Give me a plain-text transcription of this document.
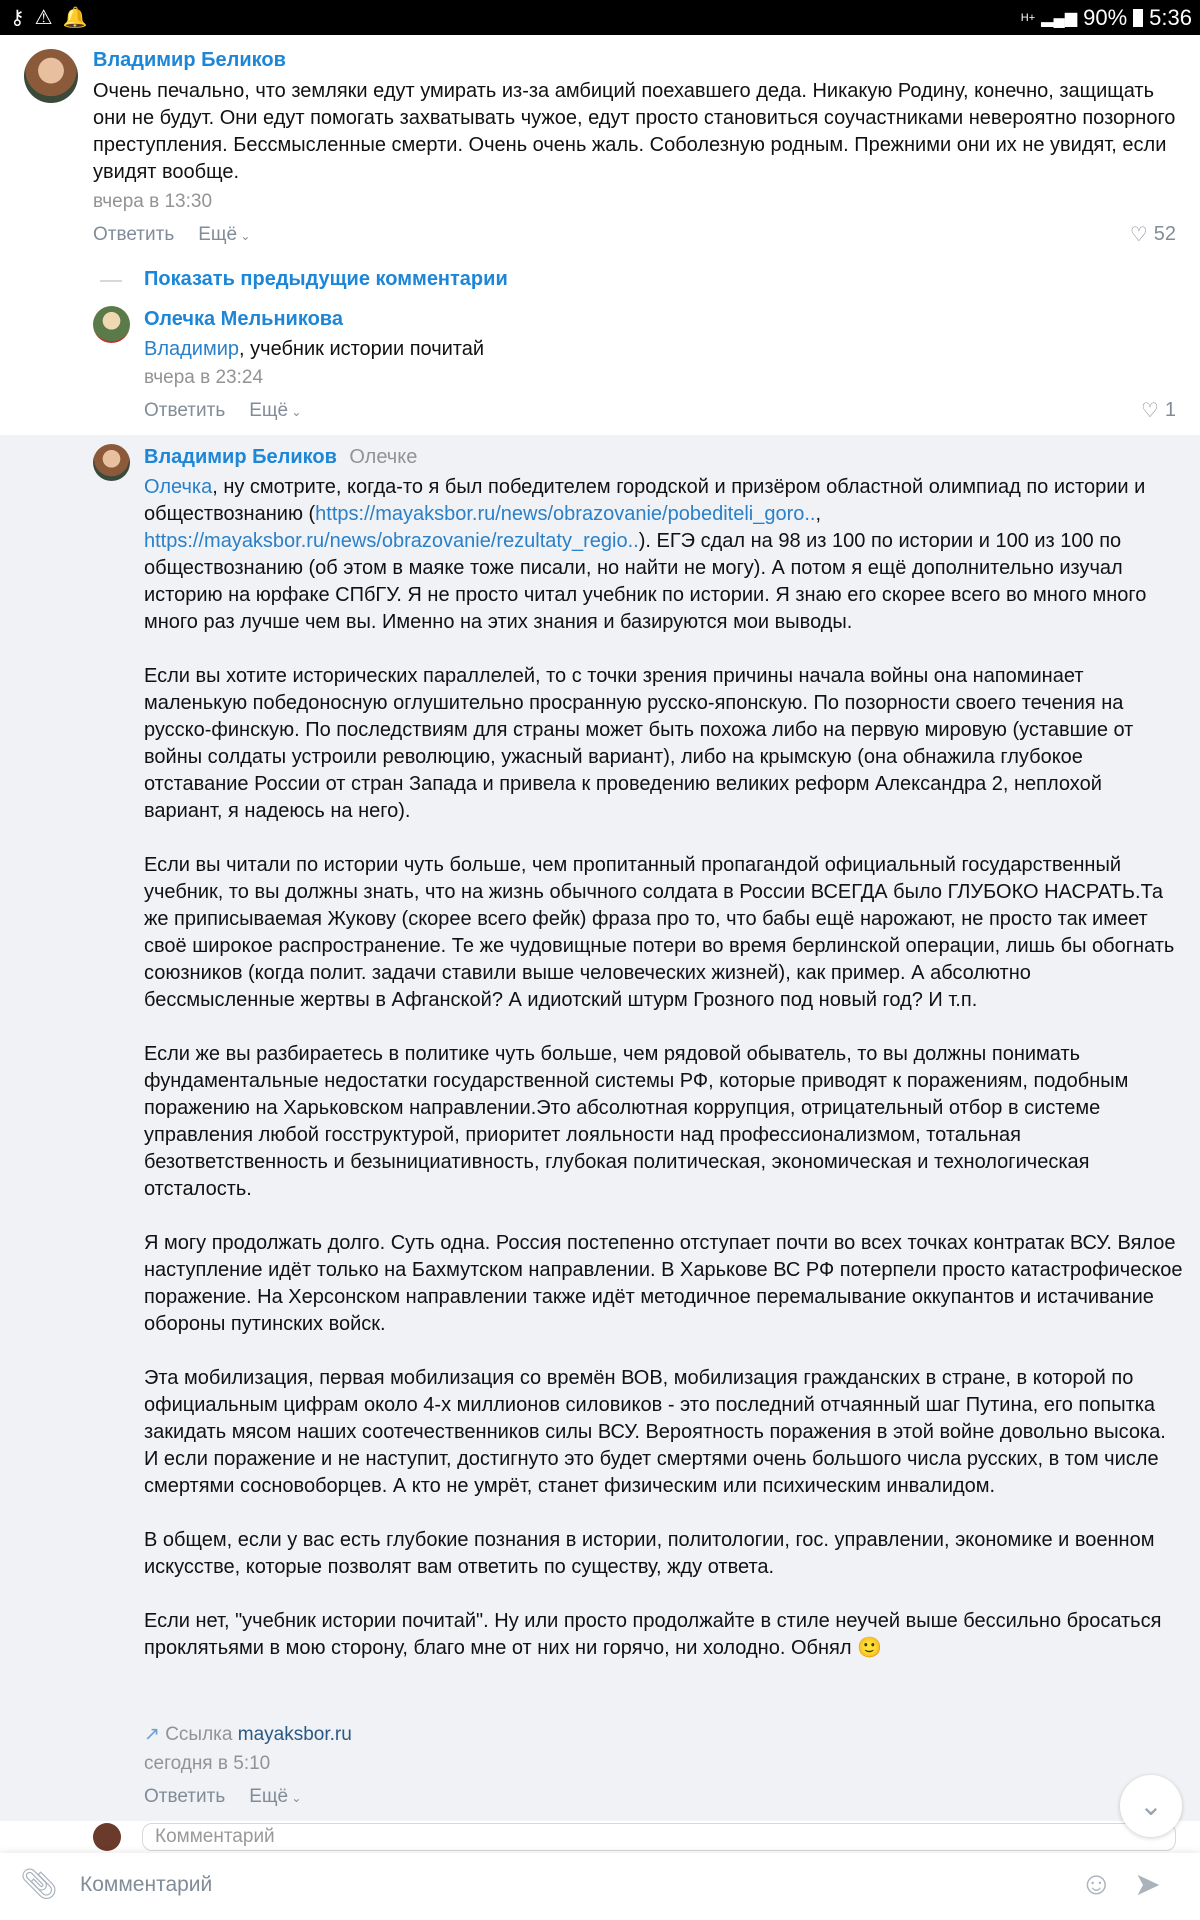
⚷ ⚠ 🔔	H+ ▂▄▆ 90% 5:36
Владимир Беликов
Очень печально, что земляки едут умирать из-за амбиций поехавшего деда. Никакую Родину, конечно, защищать они не будут. Они едут помогать захватывать чужое, едут просто становиться соучастниками невероятно позорного преступления. Бессмысленные смерти. Очень очень жаль. Соболезную родным. Прежними они их не увидят, если увидят вообще.
вчера в 13:30
Ответить Ещё ⌄	♡ 52
Показать предыдущие комментарии
Олечка Мельникова
Владимир, учебник истории почитай
вчера в 23:24
Ответить Ещё ⌄	♡ 1
Владимир Беликов Олечке

Олечка, ну смотрите, когда-то я был победителем городской и призёром областной олимпиад по истории и обществознанию (https://mayaksbor.ru/news/obrazovanie/pobediteli_goro.., https://mayaksbor.ru/news/obrazovanie/rezultaty_regio..). ЕГЭ сдал на 98 из 100 по истории и 100 из 100 по обществознанию (об этом в маяке тоже писали, но найти не могу). А потом я ещё дополнительно изучал историю на юрфаке СПбГУ. Я не просто читал учебник по истории. Я знаю его скорее всего во много много много раз лучше чем вы. Именно на этих знания и базируются мои выводы.

Если вы хотите исторических параллелей, то с точки зрения причины начала войны она напоминает маленькую победоносную оглушительно просранную русско-японскую. По позорности своего течения на русско-финскую. По последствиям для страны может быть похожа либо на первую мировую (уставшие от войны солдаты устроили революцию, ужасный вариант), либо на крымскую (она обнажила глубокое отставание России от стран Запада и привела к проведению великих реформ Александра 2, неплохой вариант, я надеюсь на него).

Если вы читали по истории чуть больше, чем пропитанный пропагандой официальный государственный учебник, то вы должны знать, что на жизнь обычного солдата в России ВСЕГДА было ГЛУБОКО НАСРАТЬ.Та же приписываемая Жукову (скорее всего фейк) фраза про то, что бабы ещё нарожают, не просто так имеет своё широкое распространение. Те же чудовищные потери во время берлинской операции, лишь бы обогнать союзников (когда полит. задачи ставили выше человеческих жизней), как пример. А абсолютно бессмысленные жертвы в Афганской? А идиотский штурм Грозного под новый год? И т.п.

Если же вы разбираетесь в политике чуть больше, чем рядовой обыватель, то вы должны понимать фундаментальные недостатки государственной системы РФ, которые приводят к поражениям, подобным поражению на Харьковском направлении.Это абсолютная коррупция, отрицательный отбор в системе управления любой госструктурой, приоритет лояльности над профессионализмом, тотальная безответственность и безынициативность, глубокая политическая, экономическая и технологическая отсталость.

Я могу продолжать долго. Суть одна. Россия постепенно отступает почти во всех точках контратак ВСУ. Вялое наступление идёт только на Бахмутском направлении. В Харькове ВС РФ потерпели просто катастрофическое поражение. На Херсонском направлении также идёт методичное перемалывание оккупантов и истачивание обороны путинских войск.

Эта мобилизация, первая мобилизация со времён ВОВ, мобилизация гражданских в стране, в которой по официальным цифрам около 4-х миллионов силовиков - это последний отчаянный шаг Путина, его попытка закидать мясом наших соотечественников силы ВСУ. Вероятность поражения в этой войне довольно высока. И если поражение и не наступит, достигнуто это будет смертями очень большого числа русских, в том числе смертями сосновоборцев. А кто не умрёт, станет физическим или психическим инвалидом.

В общем, если у вас есть глубокие познания в истории, политологии, гос. управлении, экономике и военном искусстве, которые позволят вам ответить по существу, жду ответа.

Если нет, "учебник истории почитай". Ну или просто продолжайте в стиле неучей выше бессильно бросаться проклятьями в мою сторону, благо мне от них ни горячо, ни холодно. Обнял 🙂

↗ Ссылка mayaksbor.ru
сегодня в 5:10
Ответить Ещё ⌄
Комментарий
⌄
📎︎ Комментарий	☺ ➤
